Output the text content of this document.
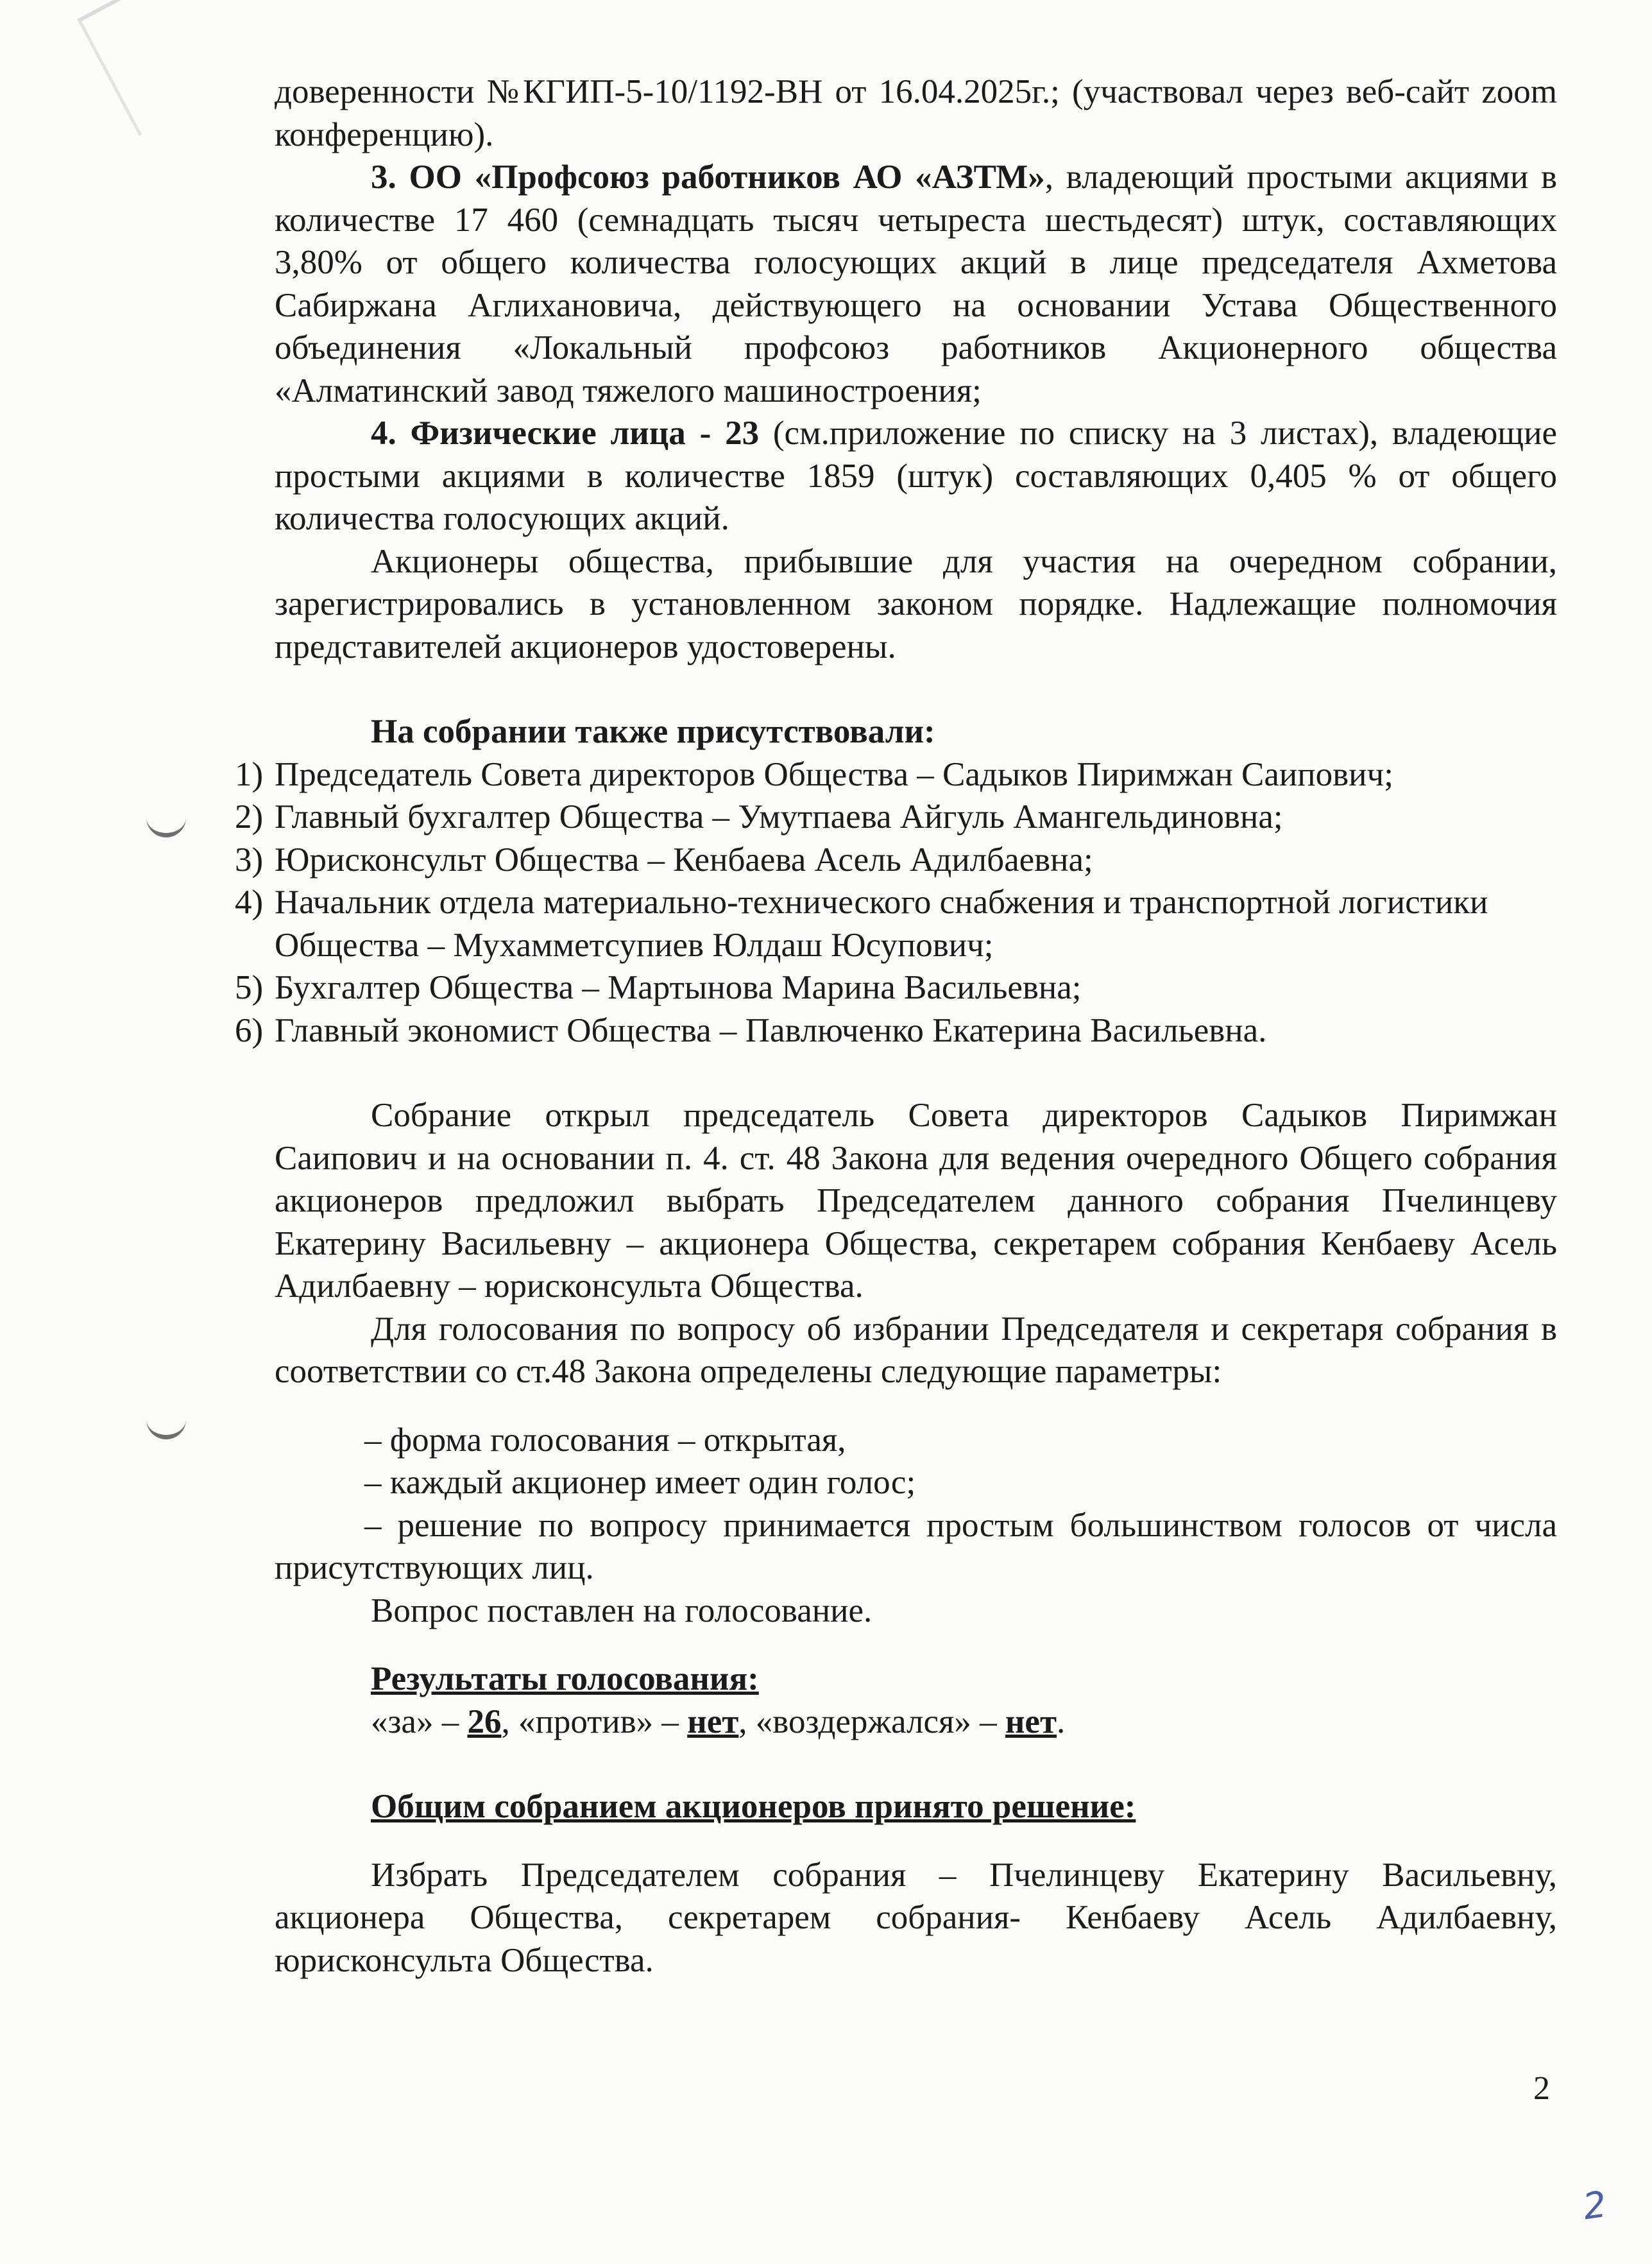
доверенности №КГИП-5-10/1192-ВН от 16.04.2025г.; (участвовал через веб-сайт zoom конференцию).

3. ОО «Профсоюз работников АО «АЗТМ», владеющий простыми акциями в количестве 17 460 (семнадцать тысяч четыреста шестьдесят) штук, составляющих 3,80% от общего количества голосующих акций в лице председателя Ахметова Сабиржана Аглихановича, действующего на основании Устава Общественного объединения «Локальный профсоюз работников Акционерного общества «Алматинский завод тяжелого машиностроения;

4. Физические лица - 23 (см.приложение по списку на 3 листах), владеющие простыми акциями в количестве 1859 (штук) составляющих 0,405 % от общего количества голосующих акций.

Акционеры общества, прибывшие для участия на очередном собрании, зарегистрировались в установленном законом порядке. Надлежащие полномочия представителей акционеров удостоверены.

На собрании также присутствовали:

1) Председатель Совета директоров Общества – Садыков Пиримжан Саипович;
2) Главный бухгалтер Общества – Умутпаева Айгуль Амангельдиновна;
3) Юрисконсульт Общества – Кенбаева Асель Адилбаевна;
4) Начальник отдела материально-технического снабжения и транспортной логистики Общества – Мухамметсупиев Юлдаш Юсупович;
5) Бухгалтер Общества – Мартынова Марина Васильевна;
6) Главный экономист Общества – Павлюченко Екатерина Васильевна.

Собрание открыл председатель Совета директоров Садыков Пиримжан Саипович и на основании п. 4. ст. 48 Закона для ведения очередного Общего собрания акционеров предложил выбрать Председателем данного собрания Пчелинцеву Екатерину Васильевну – акционера Общества, секретарем собрания Кенбаеву Асель Адилбаевну – юрисконсульта Общества.

Для голосования по вопросу об избрании Председателя и секретаря собрания в соответствии со ст.48 Закона определены следующие параметры:

– форма голосования – открытая,

– каждый акционер имеет один голос;

– решение по вопросу принимается простым большинством голосов от числа присутствующих лиц.

Вопрос поставлен на голосование.

Результаты голосования:

«за» – 26, «против» – нет, «воздержался» – нет.

Общим собранием акционеров принято решение:

Избрать Председателем собрания – Пчелинцеву Екатерину Васильевну, акционера Общества, секретарем собрания- Кенбаеву Асель Адилбаевну, юрисконсульта Общества.

2
2
